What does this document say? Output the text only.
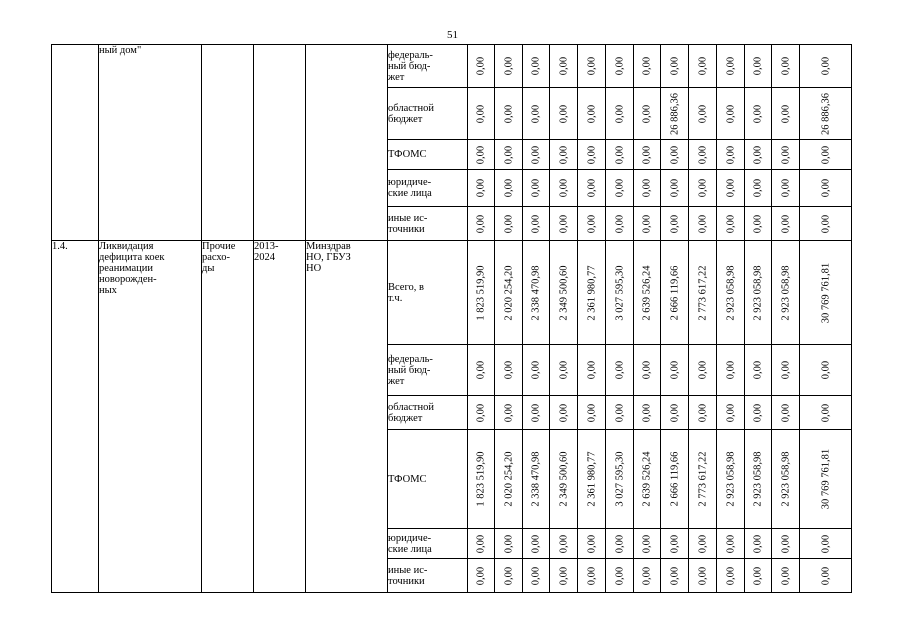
51
	ный дом"				федераль-
ный бюд-
жет	0,00	0,00	0,00	0,00	0,00	0,00	0,00	0,00	0,00	0,00	0,00	0,00	0,00

					областной
бюджет	0,00	0,00	0,00	0,00	0,00	0,00	0,00	26 886,36	0,00	0,00	0,00	0,00	26 886,36

					ТФОМС	0,00	0,00	0,00	0,00	0,00	0,00	0,00	0,00	0,00	0,00	0,00	0,00	0,00

					юридиче-
ские лица	0,00	0,00	0,00	0,00	0,00	0,00	0,00	0,00	0,00	0,00	0,00	0,00	0,00

					иные ис-
точники	0,00	0,00	0,00	0,00	0,00	0,00	0,00	0,00	0,00	0,00	0,00	0,00	0,00

1.4.	Ликвидация
дефицита коек
реанимации
новорожден-
ных	Прочие
расхо-
ды	2013-
2024	Минздрав
НО, ГБУЗ
НО	Всего, в
т.ч.	1 823 519,90	2 020 254,20	2 338 470,98	2 349 500,60	2 361 980,77	3 027 595,30	2 639 526,24	2 666 119,66	2 773 617,22	2 923 058,98	2 923 058,98	2 923 058,98	30 769 761,81

					федераль-
ный бюд-
жет	0,00	0,00	0,00	0,00	0,00	0,00	0,00	0,00	0,00	0,00	0,00	0,00	0,00

					областной
бюджет	0,00	0,00	0,00	0,00	0,00	0,00	0,00	0,00	0,00	0,00	0,00	0,00	0,00

					ТФОМС	1 823 519,90	2 020 254,20	2 338 470,98	2 349 500,60	2 361 980,77	3 027 595,30	2 639 526,24	2 666 119,66	2 773 617,22	2 923 058,98	2 923 058,98	2 923 058,98	30 769 761,81

					юридиче-
ские лица	0,00	0,00	0,00	0,00	0,00	0,00	0,00	0,00	0,00	0,00	0,00	0,00	0,00

					иные ис-
точники	0,00	0,00	0,00	0,00	0,00	0,00	0,00	0,00	0,00	0,00	0,00	0,00	0,00
